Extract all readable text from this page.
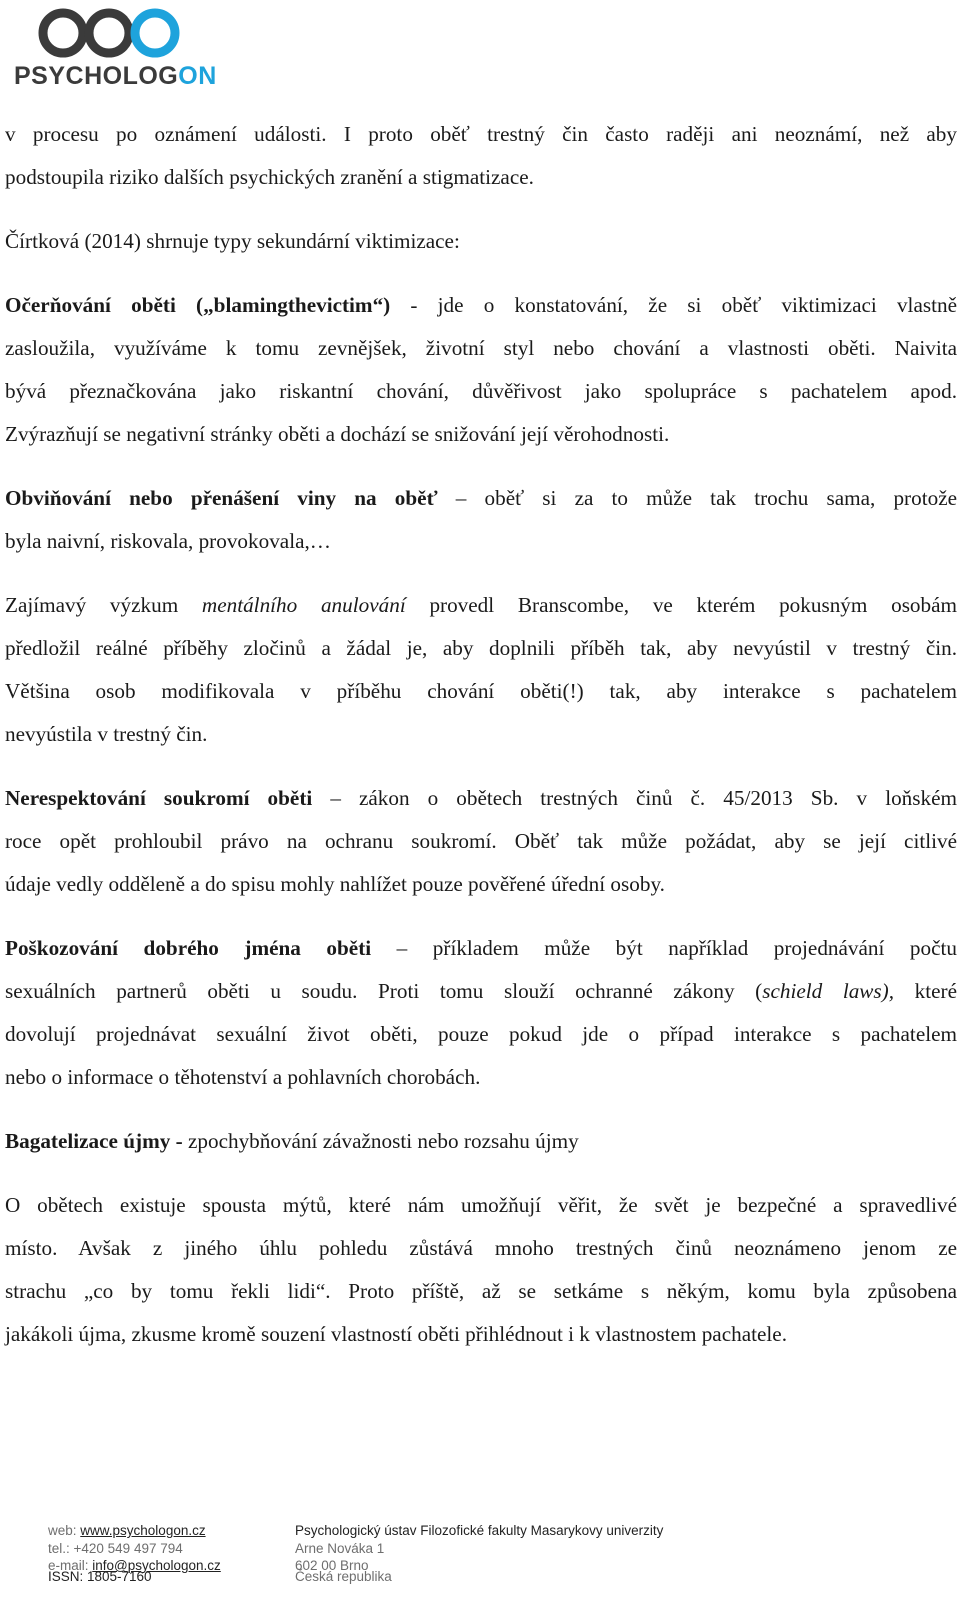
PSYCHOLOGON

v procesu po oznámení události. I proto oběť trestný čin často raději ani neoznámí, než aby
podstoupila riziko dalších psychických zranění a stigmatizace.

Čírtková (2014) shrnuje typy sekundární viktimizace:

Očerňování oběti („blamingthevictim“) - jde o konstatování, že si oběť viktimizaci vlastně
zasloužila, využíváme k tomu zevnějšek, životní styl nebo chování a vlastnosti oběti. Naivita
bývá přeznačkována jako riskantní chování, důvěřivost jako spolupráce s pachatelem apod.
Zvýrazňují se negativní stránky oběti a dochází se snižování její věrohodnosti.

Obviňování nebo přenášení viny na oběť – oběť si za to může tak trochu sama, protože
byla naivní, riskovala, provokovala,…

Zajímavý výzkum mentálního anulování provedl Branscombe, ve kterém pokusným osobám
předložil reálné příběhy zločinů a žádal je, aby doplnili příběh tak, aby nevyústil v trestný čin.
Většina osob modifikovala v příběhu chování oběti(!) tak, aby interakce s pachatelem
nevyústila v trestný čin.

Nerespektování soukromí oběti – zákon o obětech trestných činů č. 45/2013 Sb. v loňském
roce opět prohloubil právo na ochranu soukromí. Oběť tak může požádat, aby se její citlivé
údaje vedly odděleně a do spisu mohly nahlížet pouze pověřené úřední osoby.

Poškozování dobrého jména oběti – příkladem může být například projednávání počtu
sexuálních partnerů oběti u soudu. Proti tomu slouží ochranné zákony (schield laws), které
dovolují projednávat sexuální život oběti, pouze pokud jde o případ interakce s pachatelem
nebo o informace o těhotenství a pohlavních chorobách.

Bagatelizace újmy - zpochybňování závažnosti nebo rozsahu újmy

O obětech existuje spousta mýtů, které nám umožňují věřit, že svět je bezpečné a spravedlivé
místo. Avšak z jiného úhlu pohledu zůstává mnoho trestných činů neoznámeno jenom ze
strachu „co by tomu řekli lidi“. Proto příště, až se setkáme s někým, komu byla způsobena
jakákoli újma, zkusme kromě souzení vlastností oběti přihlédnout i k vlastnostem pachatele.

web: www.psychologon.cz
tel.: +420 549 497 794
e-mail: info@psychologon.cz
Psychologický ústav Filozofické fakulty Masarykovy univerzity
Arne Nováka 1
602 00 Brno
ISSN: 1805-7160	Česká republika
